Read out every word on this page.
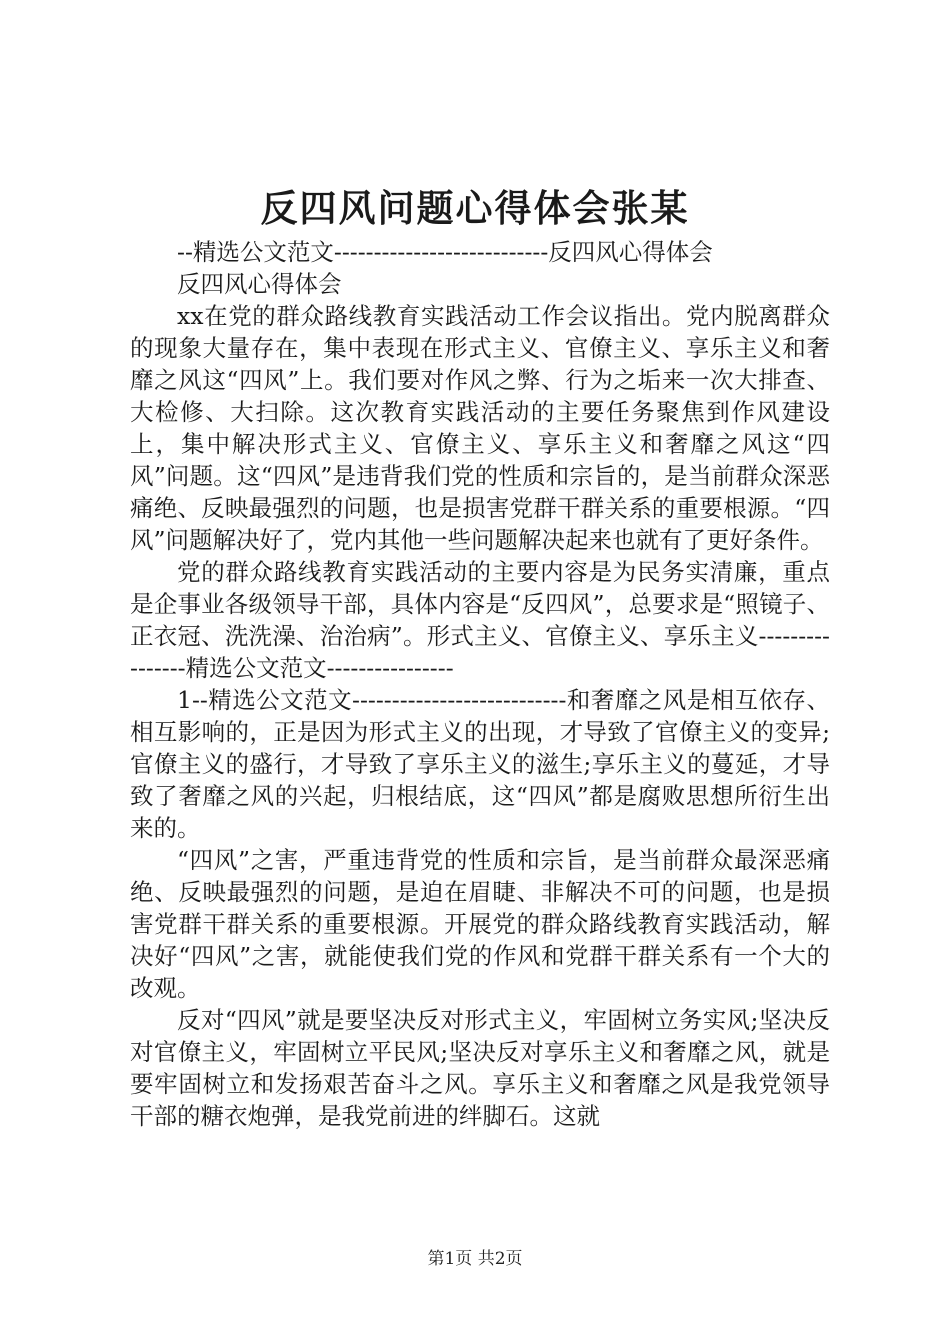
反四风问题心得体会张某

--精选公文范文---------------------------反四风心得体会

反四风心得体会

xx在党的群众路线教育实践活动工作会议指出。党内脱离群众的现象大量存在，集中表现在形式主义、官僚主义、享乐主义和奢靡之风这“四风”上。我们要对作风之弊、行为之垢来一次大排查、大检修、大扫除。这次教育实践活动的主要任务聚焦到作风建设上，集中解决形式主义、官僚主义、享乐主义和奢靡之风这“四风”问题。这“四风”是违背我们党的性质和宗旨的，是当前群众深恶痛绝、反映最强烈的问题，也是损害党群干群关系的重要根源。“四风”问题解决好了，党内其他一些问题解决起来也就有了更好条件。

党的群众路线教育实践活动的主要内容是为民务实清廉，重点是企事业各级领导干部，具体内容是“反四风”，总要求是“照镜子、正衣冠、洗洗澡、治治病”。形式主义、官僚主义、享乐主义----------------精选公文范文----------------

1--精选公文范文---------------------------和奢靡之风是相互依存、相互影响的，正是因为形式主义的出现，才导致了官僚主义的变异;官僚主义的盛行，才导致了享乐主义的滋生;享乐主义的蔓延，才导致了奢靡之风的兴起，归根结底，这“四风”都是腐败思想所衍生出来的。

“四风”之害，严重违背党的性质和宗旨，是当前群众最深恶痛绝、反映最强烈的问题，是迫在眉睫、非解决不可的问题，也是损害党群干群关系的重要根源。开展党的群众路线教育实践活动，解决好“四风”之害，就能使我们党的作风和党群干群关系有一个大的改观。

反对“四风”就是要坚决反对形式主义，牢固树立务实风;坚决反对官僚主义，牢固树立平民风;坚决反对享乐主义和奢靡之风，就是要牢固树立和发扬艰苦奋斗之风。享乐主义和奢靡之风是我党领导干部的糖衣炮弹，是我党前进的绊脚石。这就

第1页 共2页
